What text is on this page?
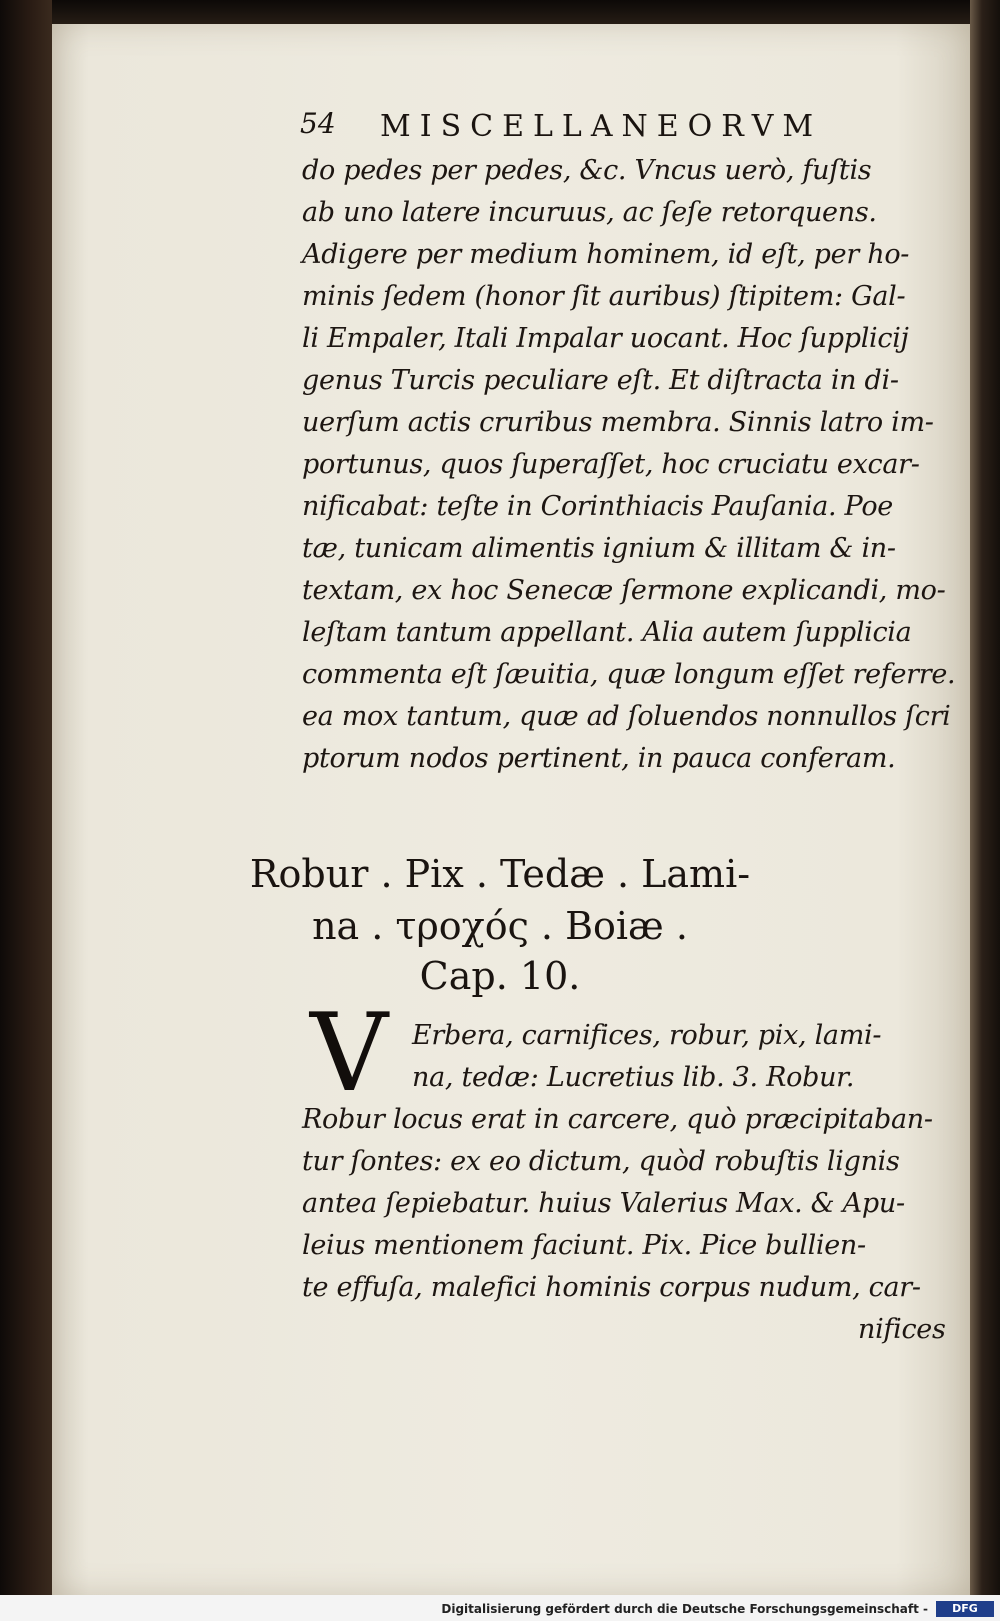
54 MISCELLANEORVM
do pedes per pedes, &c. Vncus uerò, fuſtis
ab uno latere incuruus, ac ſeſe retorquens.
Adigere per medium hominem, id eſt, per ho-
minis ſedem (honor ſit auribus) ſtipitem: Gal-
li Empaler, Itali Impalar uocant. Hoc ſupplicij
genus Turcis peculiare eſt. Et diſtracta in di-
uerſum actis cruribus membra. Sinnis latro im-
portunus, quos ſuperaſſet, hoc cruciatu excar-
nificabat: teſte in Corinthiacis Pauſania. Poe
tæ, tunicam alimentis ignium & illitam & in-
textam, ex hoc Senecæ ſermone explicandi, mo-
leſtam tantum appellant. Alia autem ſupplicia
commenta eſt ſæuitia, quæ longum eſſet referre.
ea mox tantum, quæ ad ſoluendos nonnullos ſcri
ptorum nodos pertinent, in pauca conferam.
Robur . Pix . Tedæ . Lami-
na . τροχός . Boiæ .
Cap. 10.
V Erbera, carnifices, robur, pix, lami-
na, tedæ: Lucretius lib. 3. Robur.
Robur locus erat in carcere, quò præcipitaban-
tur ſontes: ex eo dictum, quòd robuſtis lignis
antea ſepiebatur. huius Valerius Max. & Apu-
leius mentionem faciunt. Pix. Pice bullien-
te effuſa, malefici hominis corpus nudum, car-
nifices
Digitalisierung gefördert durch die Deutsche Forschungsgemeinschaft -	DFG
